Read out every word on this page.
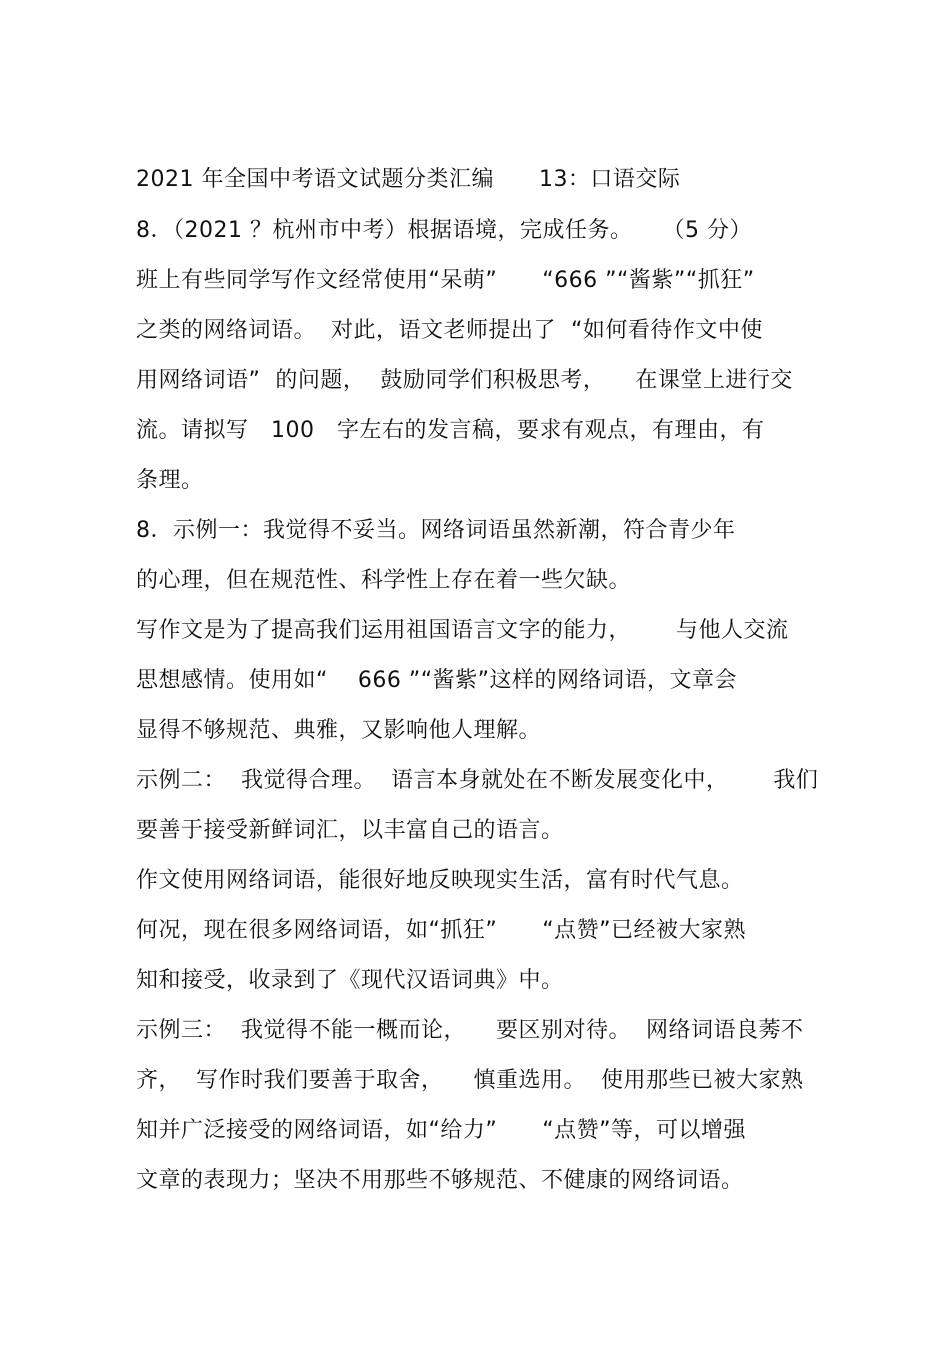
2021 年全国中考语文试题分类汇编      13：口语交际
8．（2021 ？杭州市中考）根据语境，完成任务。    （5 分）
班上有些同学写作文经常使用“呆萌”      “666 ”“酱紫”“抓狂”
之类的网络词语。  对此，语文老师提出了  “如何看待作文中使
用网络词语”  的问题，  鼓励同学们积极思考，    在课堂上进行交
流。请拟写   100   字左右的发言稿，要求有观点，有理由，有
条理。
8．示例一：我觉得不妥当。网络词语虽然新潮，符合青少年
的心理，但在规范性、科学性上存在着一些欠缺。
写作文是为了提高我们运用祖国语言文字的能力，      与他人交流
思想感情。使用如“    666 ”“酱紫”这样的网络词语，文章会
显得不够规范、典雅，又影响他人理解。
示例二：  我觉得合理。  语言本身就处在不断发展变化中，      我们
要善于接受新鲜词汇，以丰富自己的语言。
作文使用网络词语，能很好地反映现实生活，富有时代气息。
何况，现在很多网络词语，如“抓狂”      “点赞”已经被大家熟
知和接受，收录到了《现代汉语词典》中。
示例三：  我觉得不能一概而论，    要区别对待。  网络词语良莠不
齐，  写作时我们要善于取舍，    慎重选用。  使用那些已被大家熟
知并广泛接受的网络词语，如“给力”      “点赞”等，可以增强
文章的表现力；坚决不用那些不够规范、不健康的网络词语。
